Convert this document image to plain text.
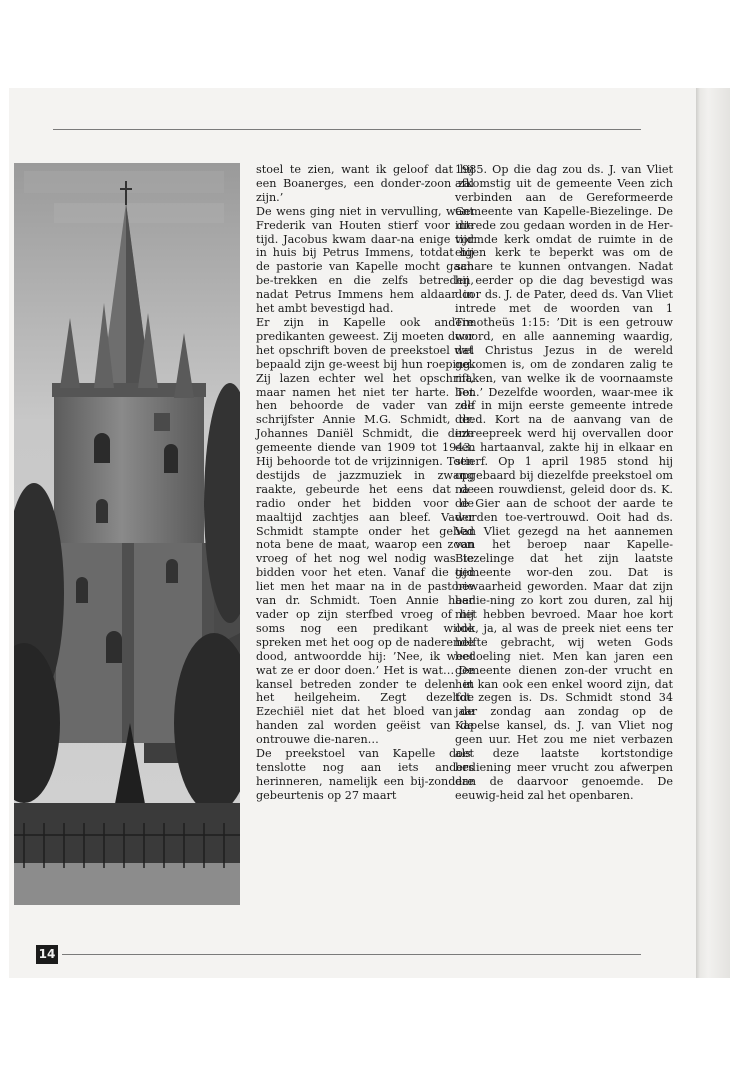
stoel te zien, want ik geloof dat hij een Boanerges, een donder-zoon zal zijn.’

De wens ging niet in vervulling, want Frederik van Houten stierf voor die tijd. Jacobus kwam daar-na enige tijd in huis bij Petrus Immens, totdat hij de pastorie van Kapelle mocht gaan be-trekken en die zelfs betreden, nadat Petrus Immens hem aldaar in het ambt bevestigd had.

Er zijn in Kapelle ook andere predikanten geweest. Zij moeten door het opschrift boven de preekstoel wel bepaald zijn ge-weest bij hun roeping. Zij lazen echter wel het opschrift, maar namen het niet ter harte. Tot hen behoorde de vader van de schrijfster Annie M.G. Schmidt, dr. Johannes Daniël Schmidt, die deze gemeente diende van 1909 tot 1943. Hij behoorde tot de vrijzinnigen. Toen destijds de jazzmuziek in zwang raakte, gebeurde het eens dat de radio onder het bidden voor de maaltijd zachtjes aan bleef. Vader Schmidt stampte onder het gebed nota bene de maat, waarop een zoon vroeg of het nog wel nodig was te bidden voor het eten. Vanaf die tijd liet men het maar na in de pastorie van dr. Schmidt. Toen Annie haar vader op zijn sterfbed vroeg of hij soms nog een predikant wilde spreken met het oog op de naderende dood, antwoordde hij: ’Nee, ik weet wat ze er door doen.’ Het is wat… De kansel betreden zonder te delen in het heilgeheim. Zegt dezelfde Ezechiël niet dat het bloed van de handen zal worden geëist van de ontrouwe die-naren…

De preekstoel van Kapelle doet tenslotte nog aan iets anders herinneren, namelijk een bij-zondere gebeurtenis op 27 maart

1985. Op die dag zou ds. J. van Vliet afkomstig uit de gemeente Veen zich verbinden aan de Gereformeerde Gemeente van Kapelle-Biezelinge. De intrede zou gedaan worden in de Her-vormde kerk omdat de ruimte in de eigen kerk te beperkt was om de schare te kunnen ontvangen. Nadat hij eerder op die dag bevestigd was door ds. J. de Pater, deed ds. Van Vliet intrede met de woorden van 1 Timotheüs 1:15: ’Dit is een getrouw woord, en alle aanneming waardig, dat Christus Jezus in de wereld gekomen is, om de zondaren zalig te maken, van welke ik de voornaamste ben.’ Dezelfde woorden, waar-mee ik zelf in mijn eerste gemeente intrede deed. Kort na de aanvang van de intreepreek werd hij overvallen door een hartaanval, zakte hij in elkaar en stierf. Op 1 april 1985 stond hij opgebaard bij diezelfde preekstoel om na een rouwdienst, geleid door ds. K. de Gier aan de schoot der aarde te worden toe-vertrouwd. Ooit had ds. Van Vliet gezegd na het aannemen van het beroep naar Kapelle-Biezelinge dat het zijn laatste gemeente wor-den zou. Dat is bewaarheid geworden. Maar dat zijn bedie-ning zo kort zou duren, zal hij niet hebben bevroed. Maar hoe kort ook, ja, al was de preek niet eens ter helfte gebracht, wij weten Gods bedoeling niet. Men kan jaren een gemeente dienen zon-der vrucht en het kan ook een enkel woord zijn, dat tot zegen is. Ds. Schmidt stond 34 jaar zondag aan zondag op de Kapelse kansel, ds. J. van Vliet nog geen uur. Het zou me niet verbazen als deze laatste kortstondige bediening meer vrucht zou afwerpen dan de daarvoor genoemde. De eeuwig-heid zal het openbaren.

14
